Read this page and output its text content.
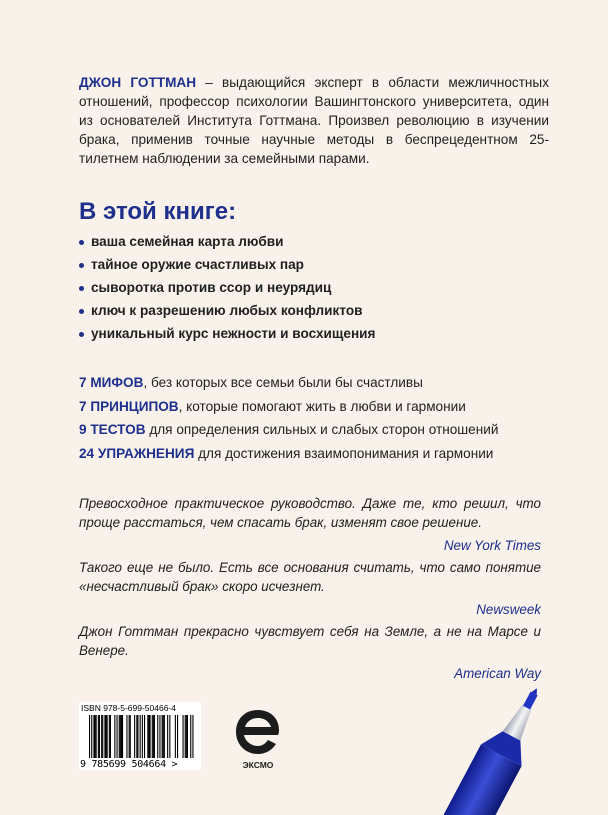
ДЖОН ГОТТМАН – выдающийся эксперт в области межличностных отношений, профессор психологии Вашингтонского университета, один из основателей Института Готтмана. Произвел революцию в изучении брака, применив точные научные методы в беспрецедентном 25-тилетнем наблюдении за семейными парами.
В этой книге:
ваша семейная карта любви
тайное оружие счастливых пар
сыворотка против ссор и неурядиц
ключ к разрешению любых конфликтов
уникальный курс нежности и восхищения
7 МИФОВ, без которых все семьи были бы счастливы
7 ПРИНЦИПОВ, которые помогают жить в любви и гармонии
9 ТЕСТОВ для определения сильных и слабых сторон отношений
24 УПРАЖНЕНИЯ для достижения взаимопонимания и гармонии
Превосходное практическое руководство. Даже те, кто решил, что проще расстаться, чем спасать брак, изменят свое решение.
New York Times
Такого еще не было. Есть все основания считать, что само понятие «несчастливый брак» скоро исчезнет.
Newsweek
Джон Готтман прекрасно чувствует себя на Земле, а не на Марсе и Венере.
American Way
ISBN 978-5-699-50466-4
9 785699 504664 >	ЭКСМО
